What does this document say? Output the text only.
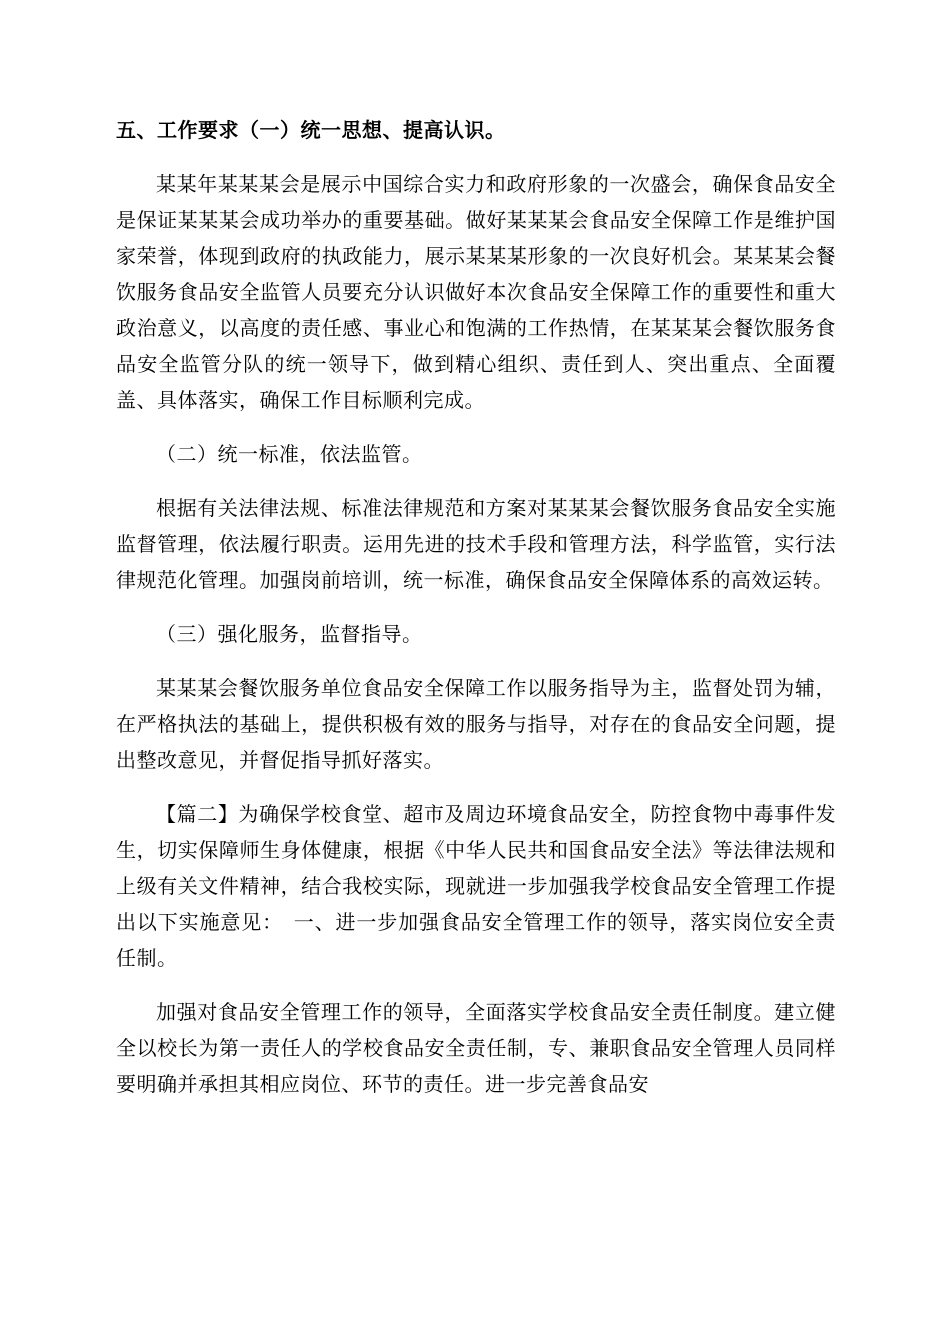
五、工作要求（一）统一思想、提高认识。

某某年某某某会是展示中国综合实力和政府形象的一次盛会，确保食品安全是保证某某某会成功举办的重要基础。做好某某某会食品安全保障工作是维护国家荣誉，体现到政府的执政能力，展示某某某形象的一次良好机会。某某某会餐饮服务食品安全监管人员要充分认识做好本次食品安全保障工作的重要性和重大政治意义，以高度的责任感、事业心和饱满的工作热情，在某某某会餐饮服务食品安全监管分队的统一领导下，做到精心组织、责任到人、突出重点、全面覆盖、具体落实，确保工作目标顺利完成。

（二）统一标准，依法监管。

根据有关法律法规、标准法律规范和方案对某某某会餐饮服务食品安全实施监督管理，依法履行职责。运用先进的技术手段和管理方法，科学监管，实行法律规范化管理。加强岗前培训，统一标准，确保食品安全保障体系的高效运转。

（三）强化服务，监督指导。

某某某会餐饮服务单位食品安全保障工作以服务指导为主，监督处罚为辅，在严格执法的基础上，提供积极有效的服务与指导，对存在的食品安全问题，提出整改意见，并督促指导抓好落实。

【篇二】为确保学校食堂、超市及周边环境食品安全，防控食物中毒事件发生，切实保障师生身体健康，根据《中华人民共和国食品安全法》等法律法规和上级有关文件精神，结合我校实际，现就进一步加强我学校食品安全管理工作提出以下实施意见：　一、进一步加强食品安全管理工作的领导，落实岗位安全责任制。

加强对食品安全管理工作的领导，全面落实学校食品安全责任制度。建立健全以校长为第一责任人的学校食品安全责任制，专、兼职食品安全管理人员同样要明确并承担其相应岗位、环节的责任。进一步完善食品安
